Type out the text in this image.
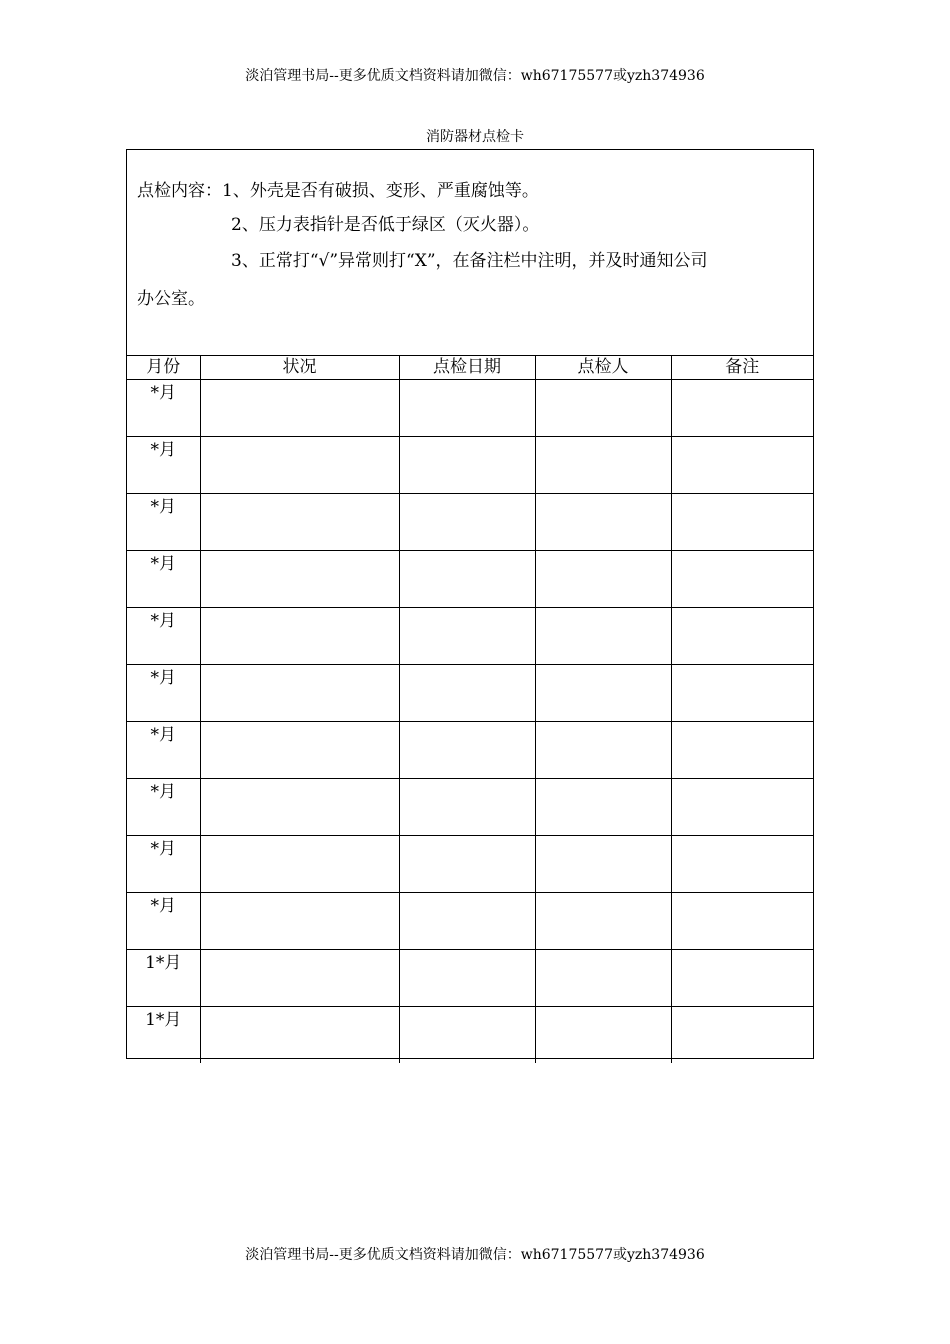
淡泊管理书局--更多优质文档资料请加微信：wh67175577或yzh374936
消防器材点检卡
点检内容：1、外壳是否有破损、变形、严重腐蚀等。
2、压力表指针是否低于绿区（灭火器）。
3、正常打“√”异常则打“X”，在备注栏中注明，并及时通知公司
办公室。
月份	状况	点检日期	点检人	备注
*月				
*月				
*月				
*月				
*月				
*月				
*月				
*月				
*月				
*月				
1*月				
1*月				
淡泊管理书局--更多优质文档资料请加微信：wh67175577或yzh374936
